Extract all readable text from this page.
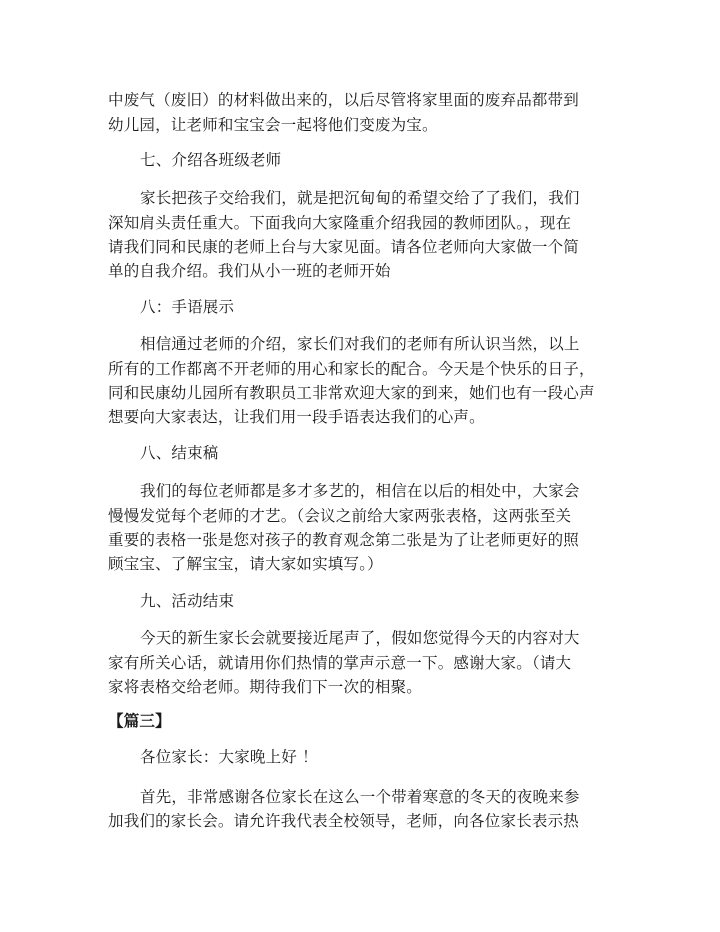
中废气（废旧）的材料做出来的，以后尽管将家里面的废弃品都带到
幼儿园，让老师和宝宝会一起将他们变废为宝。
七、介绍各班级老师
家长把孩子交给我们，就是把沉甸甸的希望交给了了我们，我们
深知肩头责任重大。下面我向大家隆重介绍我园的教师团队。，现在
请我们同和民康的老师上台与大家见面。请各位老师向大家做一个简
单的自我介绍。我们从小一班的老师开始
八：手语展示
相信通过老师的介绍，家长们对我们的老师有所认识当然，以上
所有的工作都离不开老师的用心和家长的配合。今天是个快乐的日子，
同和民康幼儿园所有教职员工非常欢迎大家的到来，她们也有一段心声
想要向大家表达，让我们用一段手语表达我们的心声。
八、结束稿
我们的每位老师都是多才多艺的，相信在以后的相处中，大家会
慢慢发觉每个老师的才艺。（会议之前给大家两张表格，这两张至关
重要的表格一张是您对孩子的教育观念第二张是为了让老师更好的照
顾宝宝、了解宝宝，请大家如实填写。）
九、活动结束
今天的新生家长会就要接近尾声了，假如您觉得今天的内容对大
家有所关心话，就请用你们热情的掌声示意一下。感谢大家。（请大
家将表格交给老师。期待我们下一次的相聚。
【篇三】
各位家长：大家晚上好 ！
首先，非常感谢各位家长在这么一个带着寒意的冬天的夜晚来参
加我们的家长会。请允许我代表全校领导，老师，向各位家长表示热
